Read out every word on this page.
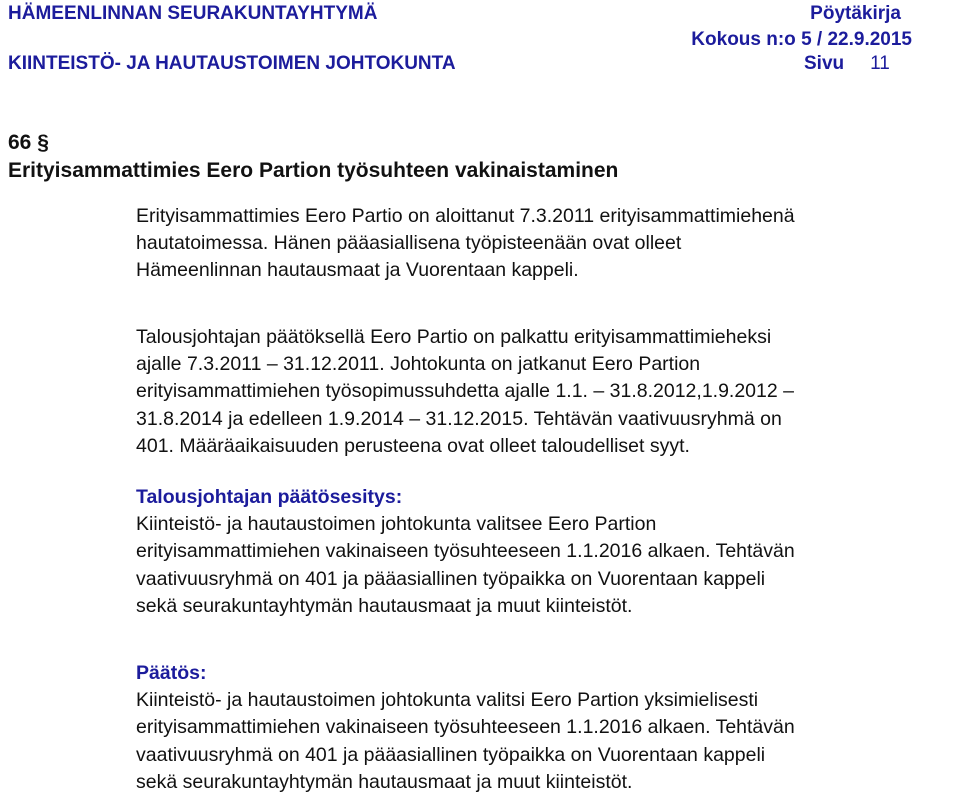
HÄMEENLINNAN SEURAKUNTAYHTYMÄ	Pöytäkirja
Kokous n:o 5 / 22.9.2015
KIINTEISTÖ- JA HAUTAUSTOIMEN JOHTOKUNTA	Sivu 11
66 §
Erityisammattimies Eero Partion työsuhteen vakinaistaminen

Erityisammattimies Eero Partio on aloittanut 7.3.2011 erityisammattimiehenä

hautatoimessa. Hänen pääasiallisena työpisteenään ovat olleet

Hämeenlinnan hautausmaat ja Vuorentaan kappeli.

Talousjohtajan päätöksellä Eero Partio on palkattu erityisammattimieheksi

ajalle 7.3.2011 – 31.12.2011. Johtokunta on jatkanut Eero Partion

erityisammattimiehen työsopimussuhdetta ajalle 1.1. – 31.8.2012,1.9.2012 –

31.8.2014 ja edelleen 1.9.2014 – 31.12.2015. Tehtävän vaativuusryhmä on

401. Määräaikaisuuden perusteena ovat olleet taloudelliset syyt.

Talousjohtajan päätösesitys:

Kiinteistö- ja hautaustoimen johtokunta valitsee Eero Partion

erityisammattimiehen vakinaiseen työsuhteeseen 1.1.2016 alkaen. Tehtävän

vaativuusryhmä on 401 ja pääasiallinen työpaikka on Vuorentaan kappeli

sekä seurakuntayhtymän hautausmaat ja muut kiinteistöt.

Päätös:

Kiinteistö- ja hautaustoimen johtokunta valitsi Eero Partion yksimielisesti

erityisammattimiehen vakinaiseen työsuhteeseen 1.1.2016 alkaen. Tehtävän

vaativuusryhmä on 401 ja pääasiallinen työpaikka on Vuorentaan kappeli

sekä seurakuntayhtymän hautausmaat ja muut kiinteistöt.
